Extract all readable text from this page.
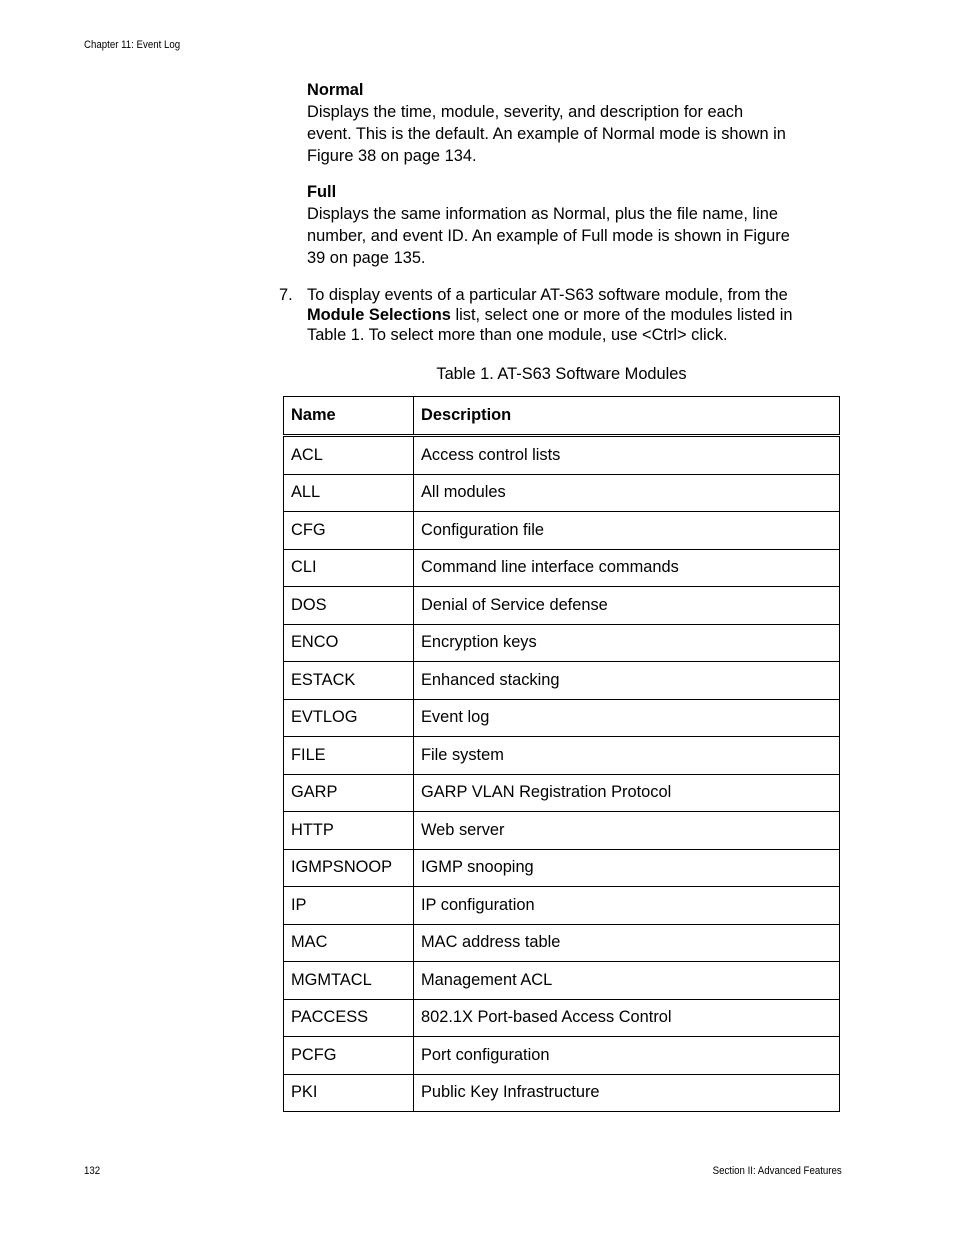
Chapter 11: Event Log
Normal

Displays the time, module, severity, and description for each

event. This is the default. An example of Normal mode is shown in

Figure 38 on page 134.

Full

Displays the same information as Normal, plus the file name, line

number, and event ID. An example of Full mode is shown in Figure

39 on page 135.

7. To display events of a particular AT-S63 software module, from the
Module Selections list, select one or more of the modules listed in
Table 1. To select more than one module, use <Ctrl> click.
Table 1. AT-S63 Software Modules
Name	Description
ACL	Access control lists
ALL	All modules
CFG	Configuration file
CLI	Command line interface commands
DOS	Denial of Service defense
ENCO	Encryption keys
ESTACK	Enhanced stacking
EVTLOG	Event log
FILE	File system
GARP	GARP VLAN Registration Protocol
HTTP	Web server
IGMPSNOOP	IGMP snooping
IP	IP configuration
MAC	MAC address table
MGMTACL	Management ACL
PACCESS	802.1X Port-based Access Control
PCFG	Port configuration
PKI	Public Key Infrastructure
132	Section II: Advanced Features
